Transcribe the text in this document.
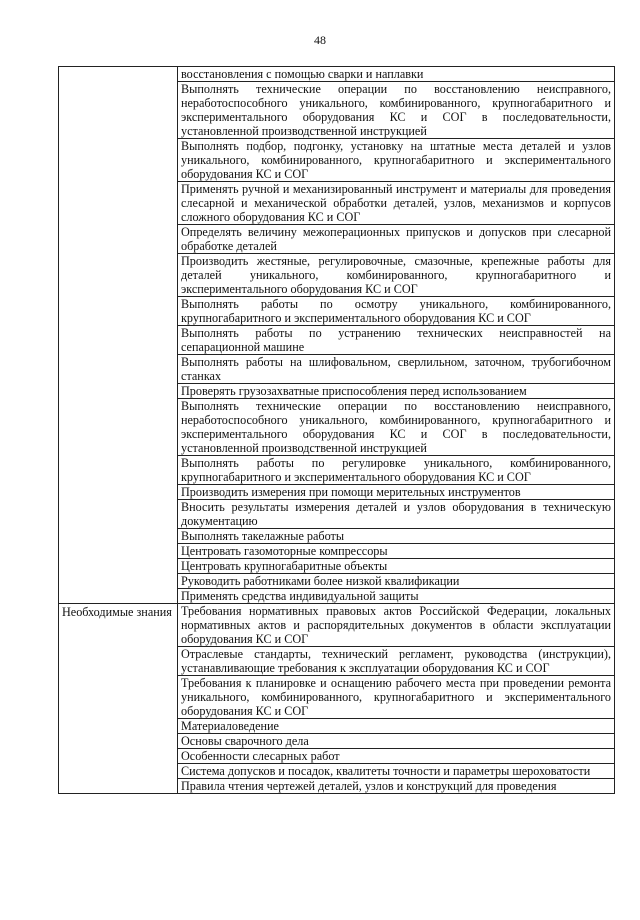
48
	восстановления с помощью сварки и наплавки
	Выполнять технические операции по восстановлению неисправного, неработоспособного уникального, комбинированного, крупногабаритного и экспериментального оборудования КС и СОГ в последовательности, установленной производственной инструкцией
	Выполнять подбор, подгонку, установку на штатные места деталей и узлов уникального, комбинированного, крупногабаритного и экспериментального оборудования КС и СОГ
	Применять ручной и механизированный инструмент и материалы для проведения слесарной и механической обработки деталей, узлов, механизмов и корпусов сложного оборудования КС и СОГ
	Определять величину межоперационных припусков и допусков при слесарной обработке деталей
	Производить жестяные, регулировочные, смазочные, крепежные работы для деталей уникального, комбинированного, крупногабаритного и экспериментального оборудования КС и СОГ
	Выполнять работы по осмотру уникального, комбинированного, крупногабаритного и экспериментального оборудования КС и СОГ
	Выполнять работы по устранению технических неисправностей на сепарационной машине
	Выполнять работы на шлифовальном, сверлильном, заточном, трубогибочном станках
	Проверять грузозахватные приспособления перед использованием
	Выполнять технические операции по восстановлению неисправного, неработоспособного уникального, комбинированного, крупногабаритного и экспериментального оборудования КС и СОГ в последовательности, установленной производственной инструкцией
	Выполнять работы по регулировке уникального, комбинированного, крупногабаритного и экспериментального оборудования КС и СОГ
	Производить измерения при помощи мерительных инструментов
	Вносить результаты измерения деталей и узлов оборудования в техническую документацию
	Выполнять такелажные работы
	Центровать газомоторные компрессоры
	Центровать крупногабаритные объекты
	Руководить работниками более низкой квалификации
	Применять средства индивидуальной защиты
Необходимые знания	Требования нормативных правовых актов Российской Федерации, локальных нормативных актов и распорядительных документов в области эксплуатации оборудования КС и СОГ
	Отраслевые стандарты, технический регламент, руководства (инструкции), устанавливающие требования к эксплуатации оборудования КС и СОГ
	Требования к планировке и оснащению рабочего места при проведении ремонта уникального, комбинированного, крупногабаритного и экспериментального оборудования КС и СОГ
	Материаловедение
	Основы сварочного дела
	Особенности слесарных работ
	Система допусков и посадок, квалитеты точности и параметры шероховатости
	Правила чтения чертежей деталей, узлов и конструкций для проведения
